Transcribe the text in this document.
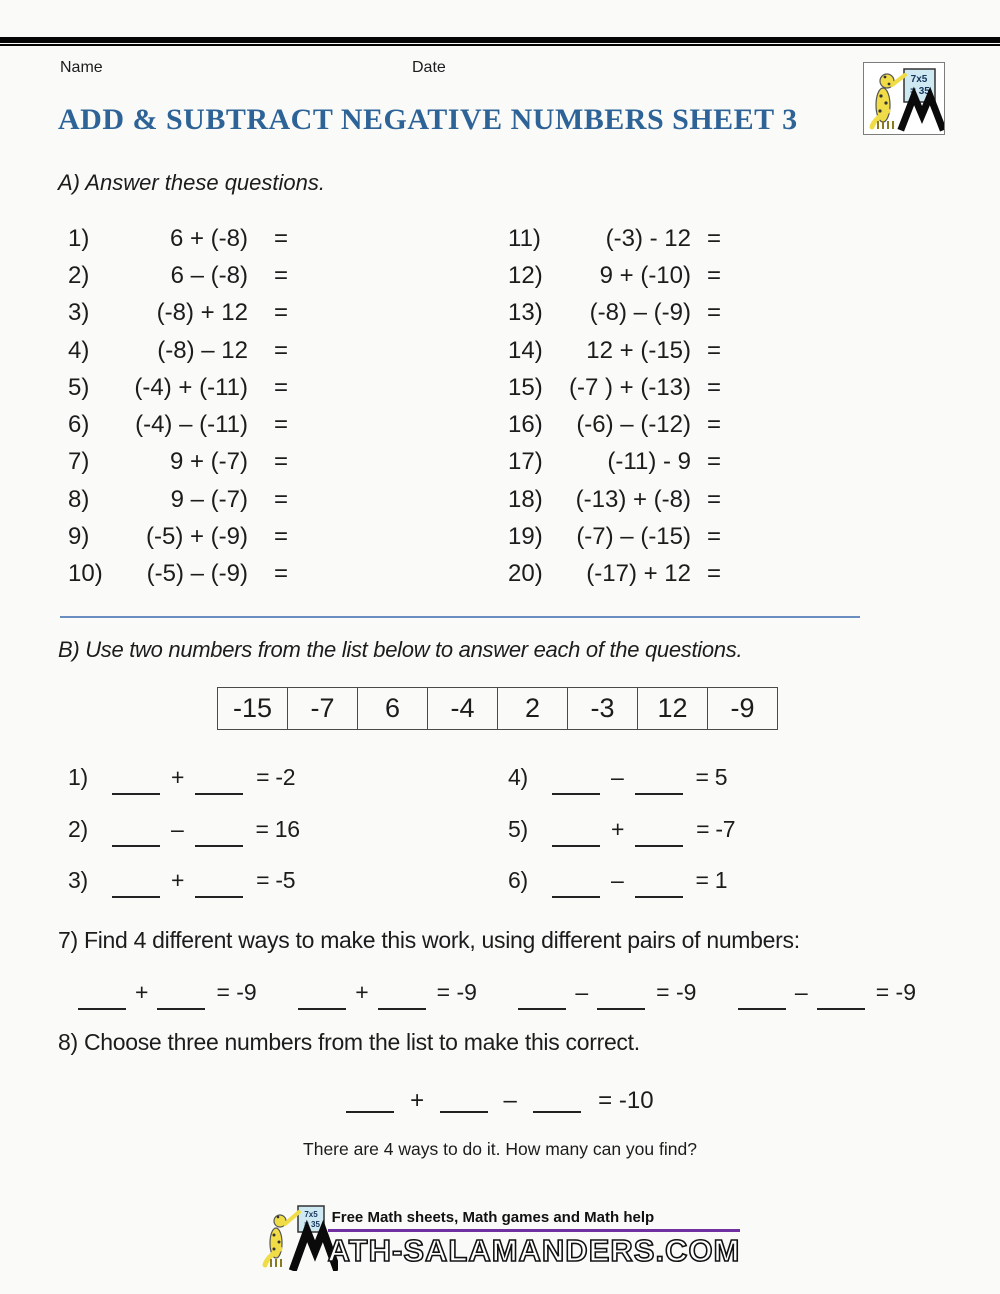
Name	Date
7x5
= 35
ADD & SUBTRACT NEGATIVE NUMBERS SHEET 3
A) Answer these questions.
1)	6 + (-8) =
2)	6 – (-8) =
3)	(-8) + 12 =
4)	(-8) – 12 =
5)	(-4) + (-11) =
6)	(-4) – (-11) =
7)	9 + (-7) =
8)	9 – (-7) =
9)	(-5) + (-9) =
10)	(-5) – (-9) =
11)	(-3) - 12 =
12)	9 + (-10) =
13)	(-8) – (-9) =
14)	12 + (-15) =
15)	(-7 ) + (-13) =
16)	(-6) – (-12) =
17)	(-11) - 9 =
18)	(-13) + (-8) =
19)	(-7) – (-15) =
20)	(-17) + 12 =
B) Use two numbers from the list below to answer each of the questions.
-15	-7	6	-4	2	-3	12	-9
1)	+	= -2
2)	–	= 16
3)	+	= -5
4)	–	= 5
5)	+	= -7
6)	–	= 1
7) Find 4 different ways to make this work, using different pairs of numbers:
+	= -9	+	= -9	–	= -9	–	= -9
8) Choose three numbers from the list to make this correct.
+	–	= -10
There are 4 ways to do it. How many can you find?
7x5
= 35 Free Math sheets, Math games and Math help
ATH-SALAMANDERS.COM
